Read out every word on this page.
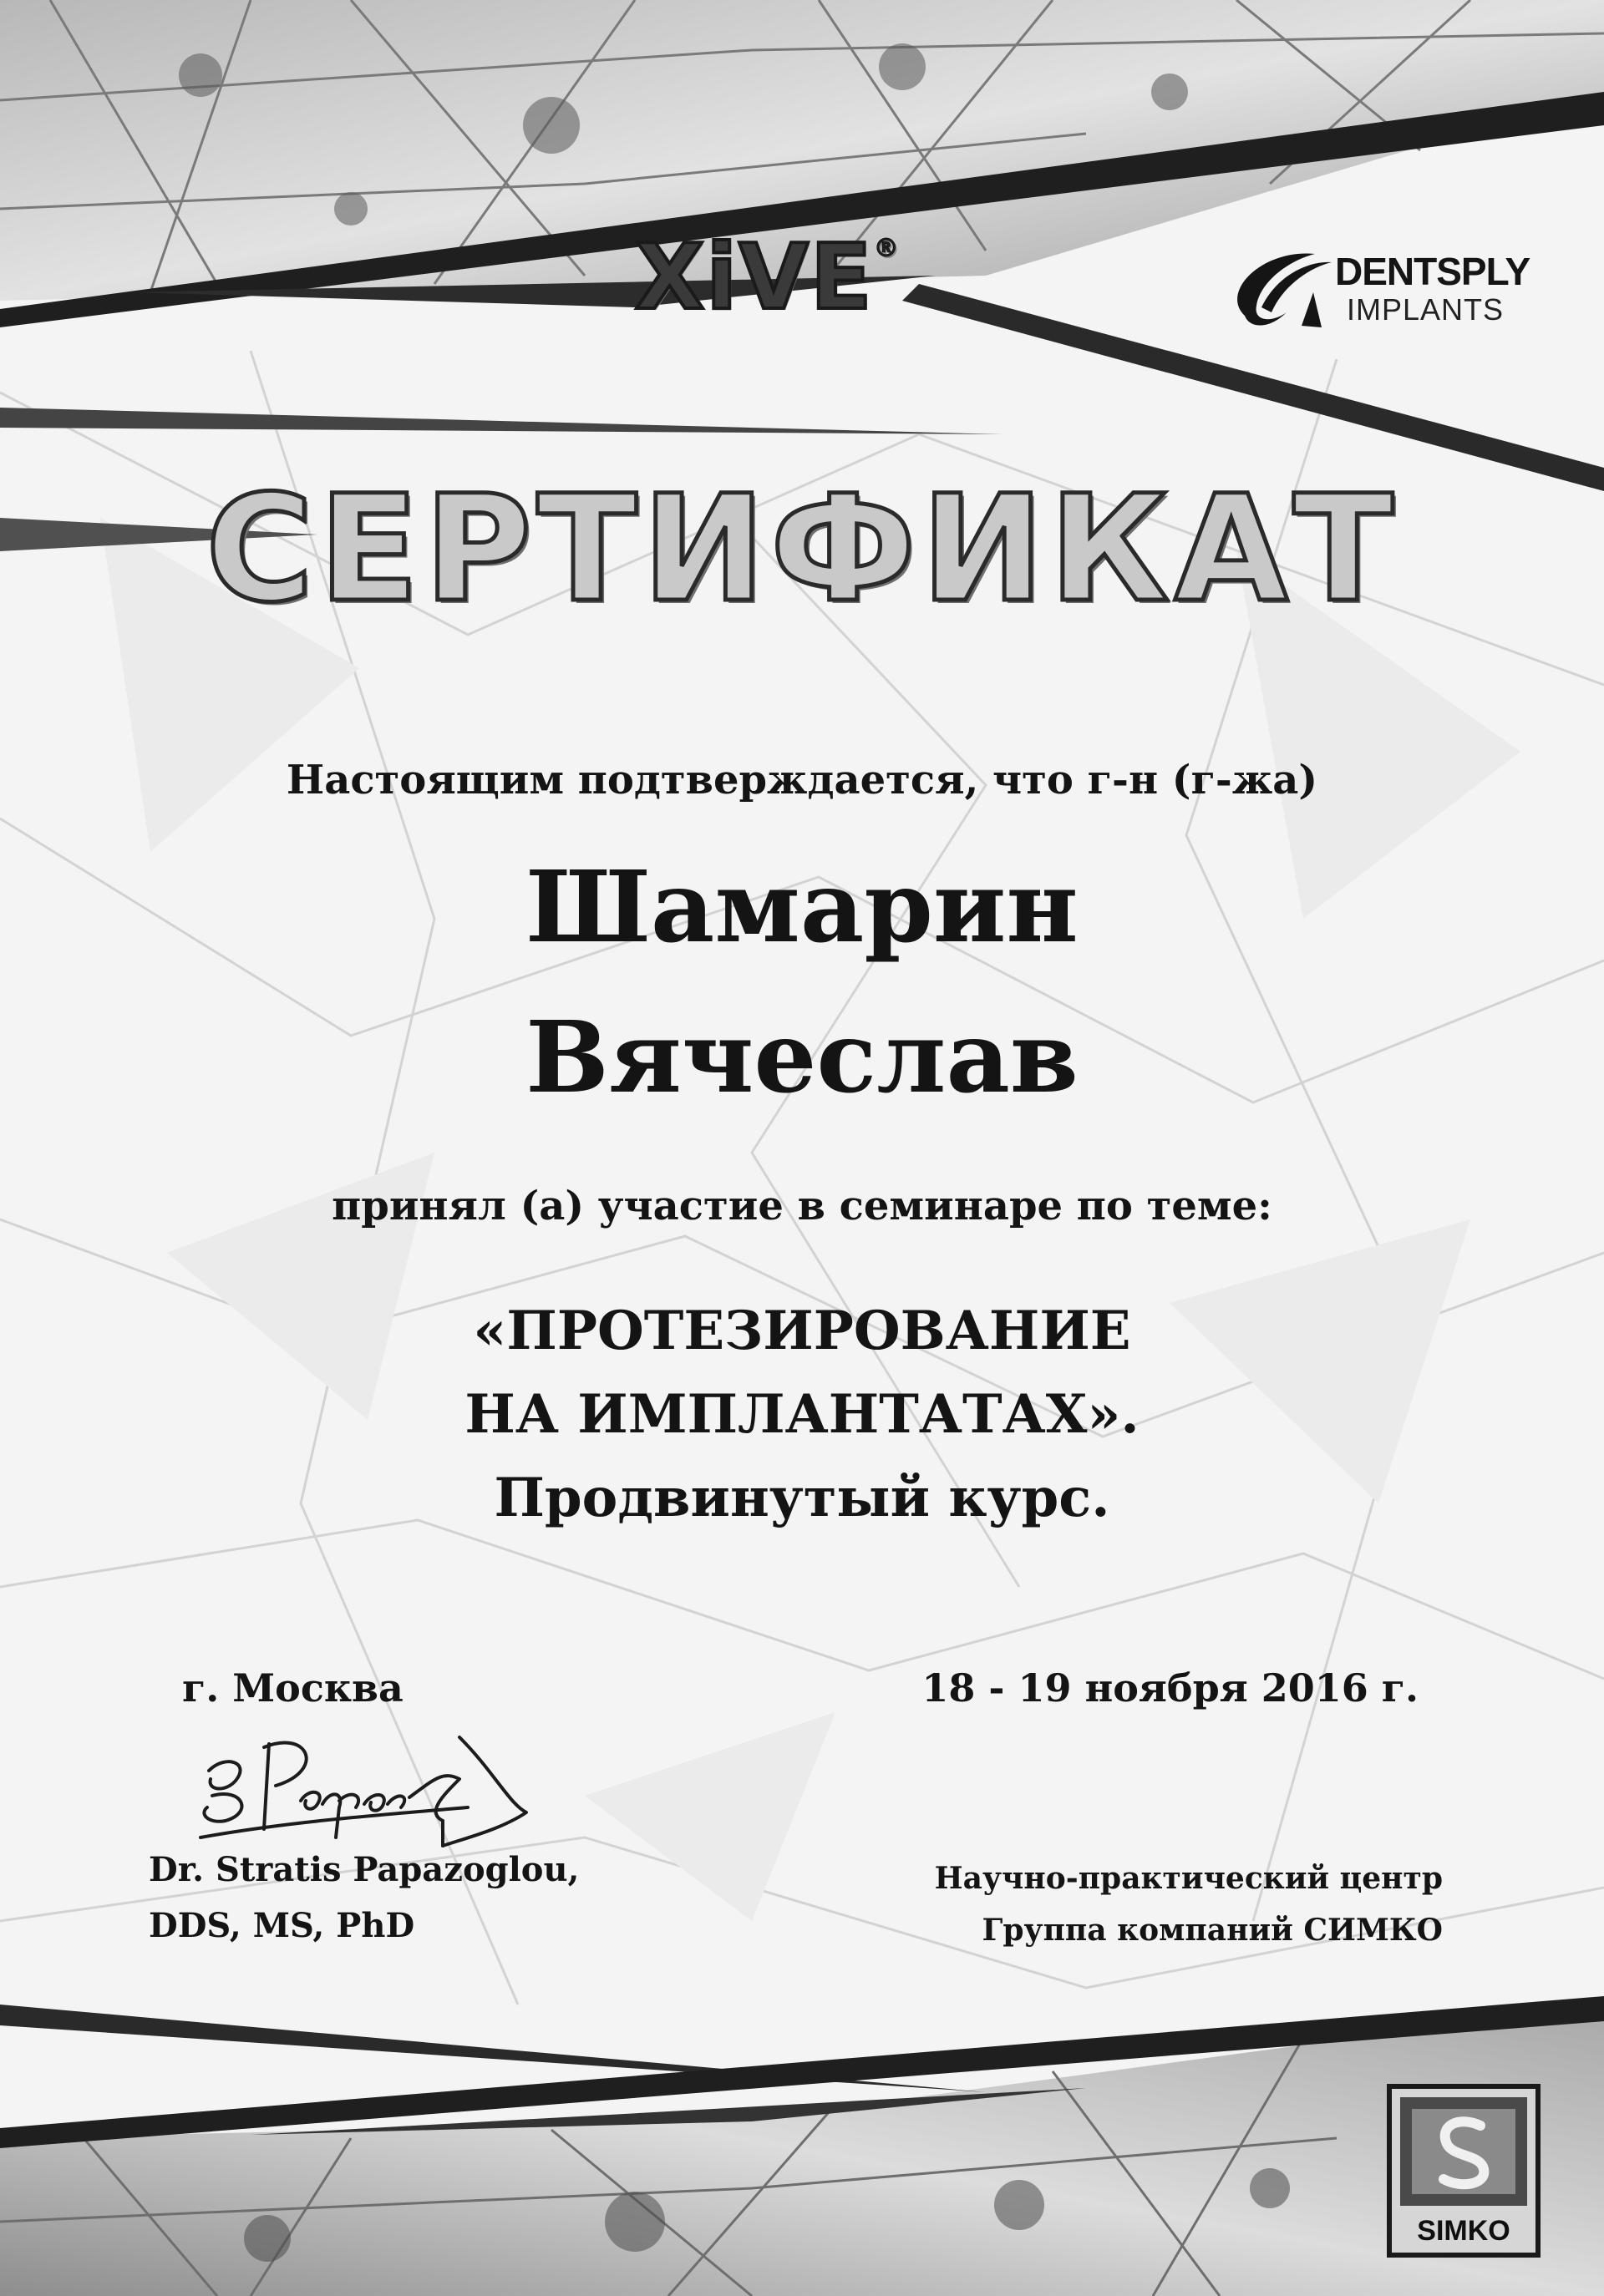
XiVE®
DENTSPLY
IMPLANTS
СЕРТИФИКАТ
Настоящим подтверждается, что г-н (г-жа)
Шамарин
Вячеслав
принял (а) участие в семинаре по теме:
«ПРОТЕЗИРОВАНИЕ
НА ИМПЛАНТАТАХ».
Продвинутый курс.
г. Москва	18 - 19 ноября 2016 г.
Dr. Stratis Papazoglou,
DDS, MS, PhD
Научно-практический центр
Группа компаний СИМКО
SIMKO
